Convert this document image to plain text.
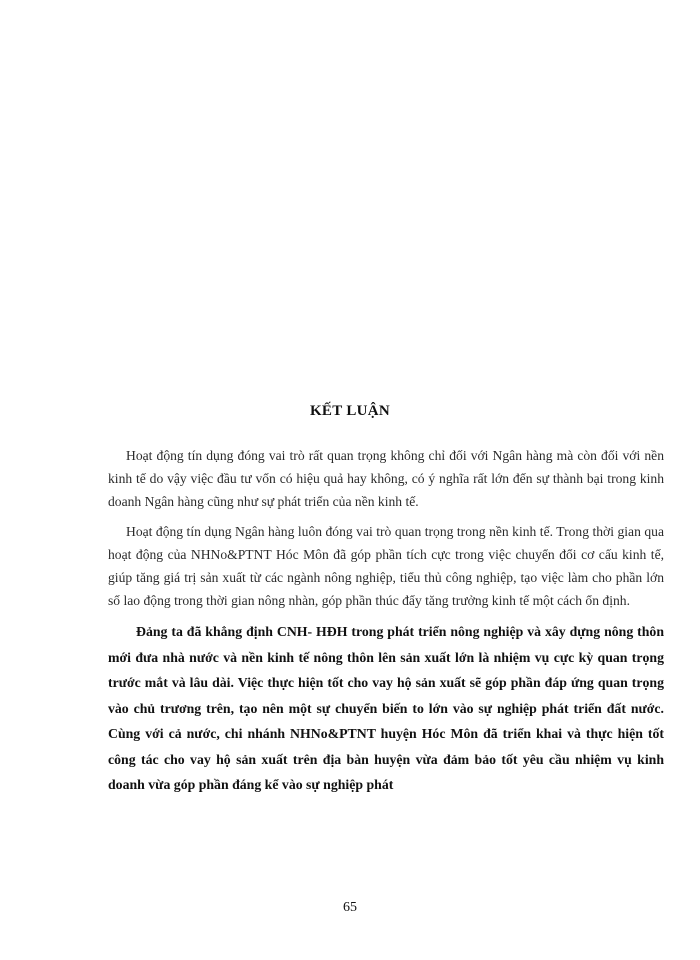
KẾT LUẬN

Hoạt động tín dụng đóng vai trò rất quan trọng không chỉ đối với Ngân hàng mà còn đối với nền kinh tế do vậy việc đầu tư vốn có hiệu quả hay không, có ý nghĩa rất lớn đến sự thành bại trong kinh doanh Ngân hàng cũng như sự phát triển của nền kinh tế.

Hoạt động tín dụng Ngân hàng luôn đóng vai trò quan trọng trong nền kinh tế. Trong thời gian qua hoạt động của NHNo&PTNT Hóc Môn đã góp phần tích cực trong việc chuyển đổi cơ cấu kinh tế, giúp tăng giá trị sản xuất từ các ngành nông nghiệp, tiểu thủ công nghiệp, tạo việc làm cho phần lớn số lao động trong thời gian nông nhàn, góp phần thúc đẩy tăng trưởng kinh tế một cách ổn định.

Đảng ta đã khẳng định CNH- HĐH trong phát triển nông nghiệp và xây dựng nông thôn mới đưa nhà nước và nền kinh tế nông thôn lên sản xuất lớn là nhiệm vụ cực kỳ quan trọng trước mắt và lâu dài. Việc thực hiện tốt cho vay hộ sản xuất sẽ góp phần đáp ứng quan trọng vào chủ trương trên, tạo nên một sự chuyển biến to lớn vào sự nghiệp phát triển đất nước. Cùng với cả nước, chi nhánh NHNo&PTNT huyện Hóc Môn đã triển khai và thực hiện tốt công tác cho vay hộ sản xuất trên địa bàn huyện vừa đảm bảo tốt yêu cầu nhiệm vụ kinh doanh vừa góp phần đáng kể vào sự nghiệp phát

65
